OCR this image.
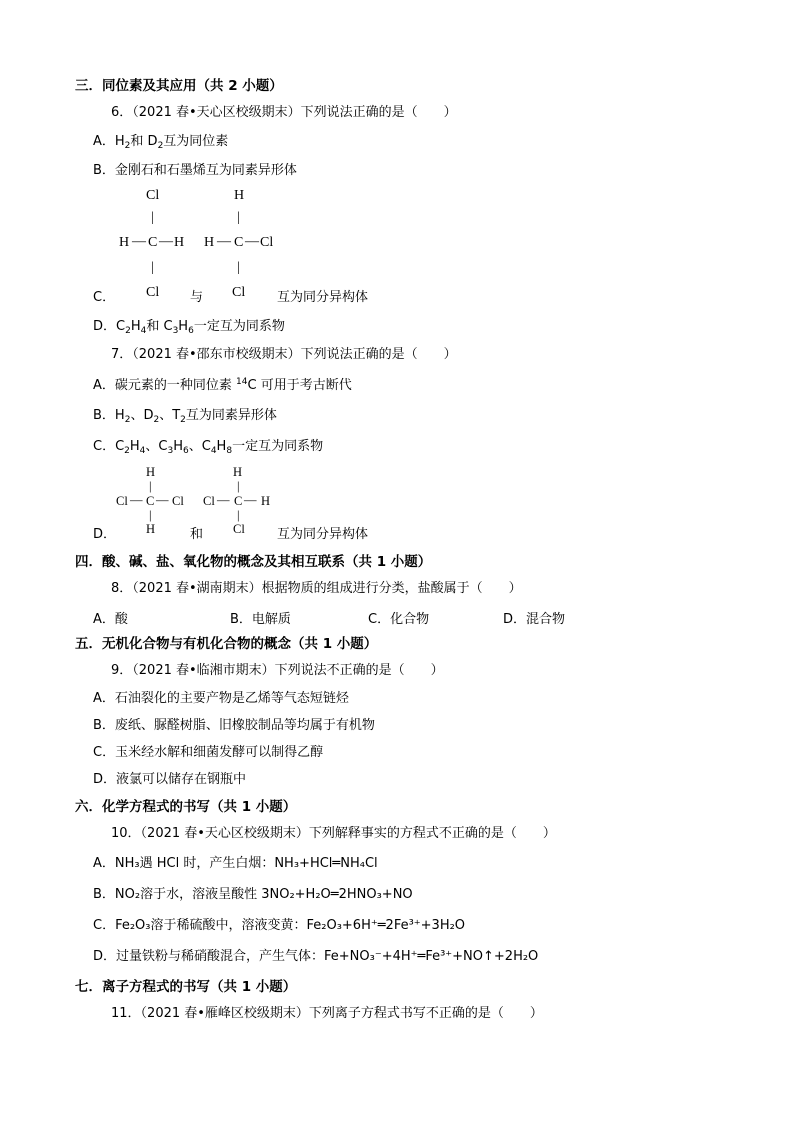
三．同位素及其应用（共 2 小题）
6．（2021 春•天心区校级期末）下列说法正确的是（　　）
A．$H_2$和 $D_2$互为同位素
B．金刚石和石墨烯互为同素异形体
Cl
|
H — C — H
|
Cl
H
|
H — C — Cl
|
Cl
C．	与	互为同分异构体
D．$C_2H_4$和 $C_3H_6$一定互为同系物
7．（2021 春•邵东市校级期末）下列说法正确的是（　　）
A．碳元素的一种同位素 $^{14}$C 可用于考古断代
B．$H_2$、$D_2$、$T_2$互为同素异形体
C．$C_2H_4$、$C_3H_6$、$C_4H_8$一定互为同系物
H
|
Cl — C — Cl
|
H
H
|
Cl — C — H
|
Cl
D．	和	互为同分异构体
四．酸、碱、盐、氧化物的概念及其相互联系（共 1 小题）
8．（2021 春•湖南期末）根据物质的组成进行分类，盐酸属于（　　）
A．酸	B．电解质	C．化合物	D．混合物
五．无机化合物与有机化合物的概念（共 1 小题）
9．（2021 春•临湘市期末）下列说法不正确的是（　　）
A．石油裂化的主要产物是乙烯等气态短链烃
B．废纸、脲醛树脂、旧橡胶制品等均属于有机物
C．玉米经水解和细菌发酵可以制得乙醇
D．液氯可以储存在钢瓶中
六．化学方程式的书写（共 1 小题）
10．（2021 春•天心区校级期末）下列解释事实的方程式不正确的是（　　）
A．NH₃遇 HCl 时，产生白烟：NH₃+HCl═NH₄Cl
B．NO₂溶于水，溶液呈酸性 3NO₂+H₂O═2HNO₃+NO
C．Fe₂O₃溶于稀硫酸中，溶液变黄：Fe₂O₃+6H⁺═2Fe³⁺+3H₂O
D．过量铁粉与稀硝酸混合，产生气体：Fe+NO₃⁻+4H⁺═Fe³⁺+NO↑+2H₂O
七．离子方程式的书写（共 1 小题）
11．（2021 春•雁峰区校级期末）下列离子方程式书写不正确的是（　　）
